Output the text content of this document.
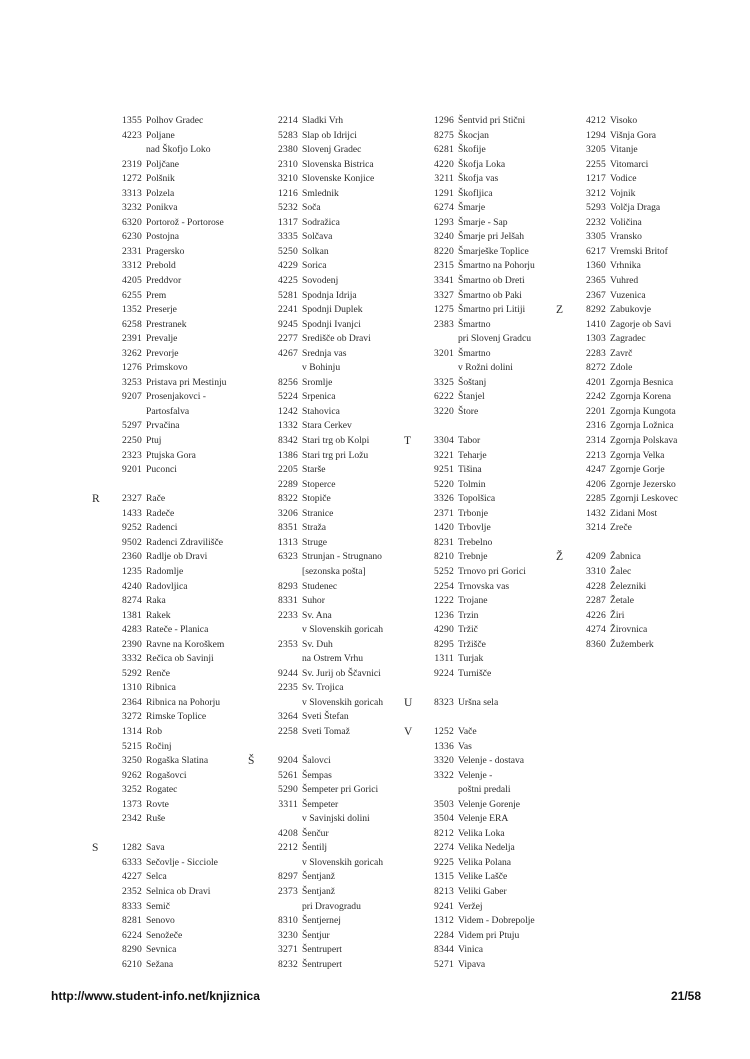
1355 Polhov Gradec
4223 Poljane
nad Škofjo Loko
2319 Poljčane
1272 Polšnik
3313 Polzela
3232 Ponikva
6320 Portorož - Portorose
6230 Postojna
2331 Pragersko
3312 Prebold
4205 Preddvor
6255 Prem
1352 Preserje
6258 Prestranek
2391 Prevalje
3262 Prevorje
1276 Primskovo
3253 Pristava pri Mestinju
9207 Prosenjakovci -
Partosfalva
5297 Prvačina
2250 Ptuj
2323 Ptujska Gora
9201 Puconci
R	2327 Rače
1433 Radeče
9252 Radenci
9502 Radenci Zdravilišče
2360 Radlje ob Dravi
1235 Radomlje
4240 Radovljica
8274 Raka
1381 Rakek
4283 Rateče - Planica
2390 Ravne na Koroškem
3332 Rečica ob Savinji
5292 Renče
1310 Ribnica
2364 Ribnica na Pohorju
3272 Rimske Toplice
1314 Rob
5215 Ročinj
3250 Rogaška Slatina
9262 Rogašovci
3252 Rogatec
1373 Rovte
2342 Ruše
S	1282 Sava
6333 Sečovlje - Sicciole
4227 Selca
2352 Selnica ob Dravi
8333 Semič
8281 Senovo
6224 Senožeče
8290 Sevnica
6210 Sežana
2214 Sladki Vrh
5283 Slap ob Idrijci
2380 Slovenj Gradec
2310 Slovenska Bistrica
3210 Slovenske Konjice
1216 Smlednik
5232 Soča
1317 Sodražica
3335 Solčava
5250 Solkan
4229 Sorica
4225 Sovodenj
5281 Spodnja Idrija
2241 Spodnji Duplek
9245 Spodnji Ivanjci
2277 Središče ob Dravi
4267 Srednja vas
v Bohinju
8256 Sromlje
5224 Srpenica
1242 Stahovica
1332 Stara Cerkev
8342 Stari trg ob Kolpi
1386 Stari trg pri Ložu
2205 Starše
2289 Stoperce
8322 Stopiče
3206 Stranice
8351 Straža
1313 Struge
6323 Strunjan - Strugnano
[sezonska pošta]
8293 Studenec
8331 Suhor
2233 Sv. Ana
v Slovenskih goricah
2353 Sv. Duh
na Ostrem Vrhu
9244 Sv. Jurij ob Ščavnici
2235 Sv. Trojica
v Slovenskih goricah
3264 Sveti Štefan
2258 Sveti Tomaž
Š	9204 Šalovci
5261 Šempas
5290 Šempeter pri Gorici
3311 Šempeter
v Savinjski dolini
4208 Šenčur
2212 Šentilj
v Slovenskih goricah
8297 Šentjanž
2373 Šentjanž
pri Dravogradu
8310 Šentjernej
3230 Šentjur
3271 Šentrupert
8232 Šentrupert
1296 Šentvid pri Stični
8275 Škocjan
6281 Škofije
4220 Škofja Loka
3211 Škofja vas
1291 Škofljica
6274 Šmarje
1293 Šmarje - Sap
3240 Šmarje pri Jelšah
8220 Šmarješke Toplice
2315 Šmartno na Pohorju
3341 Šmartno ob Dreti
3327 Šmartno ob Paki
1275 Šmartno pri Litiji
2383 Šmartno
pri Slovenj Gradcu
3201 Šmartno
v Rožni dolini
3325 Šoštanj
6222 Štanjel
3220 Štore
T	3304 Tabor
3221 Teharje
9251 Tišina
5220 Tolmin
3326 Topolšica
2371 Trbonje
1420 Trbovlje
8231 Trebelno
8210 Trebnje
5252 Trnovo pri Gorici
2254 Trnovska vas
1222 Trojane
1236 Trzin
4290 Tržič
8295 Tržišče
1311 Turjak
9224 Turnišče
U	8323 Uršna sela
V	1252 Vače
1336 Vas
3320 Velenje - dostava
3322 Velenje -
poštni predali
3503 Velenje Gorenje
3504 Velenje ERA
8212 Velika Loka
2274 Velika Nedelja
9225 Velika Polana
1315 Velike Lašče
8213 Veliki Gaber
9241 Veržej
1312 Videm - Dobrepolje
2284 Videm pri Ptuju
8344 Vinica
5271 Vipava
4212 Visoko
1294 Višnja Gora
3205 Vitanje
2255 Vitomarci
1217 Vodice
3212 Vojnik
5293 Volčja Draga
2232 Voličina
3305 Vransko
6217 Vremski Britof
1360 Vrhnika
2365 Vuhred
2367 Vuzenica
Z	8292 Zabukovje
1410 Zagorje ob Savi
1303 Zagradec
2283 Zavrč
8272 Zdole
4201 Zgornja Besnica
2242 Zgornja Korena
2201 Zgornja Kungota
2316 Zgornja Ložnica
2314 Zgornja Polskava
2213 Zgornja Velka
4247 Zgornje Gorje
4206 Zgornje Jezersko
2285 Zgornji Leskovec
1432 Zidani Most
3214 Zreče
Ž	4209 Žabnica
3310 Žalec
4228 Železniki
2287 Žetale
4226 Žiri
4274 Žirovnica
8360 Žužemberk
http://www.student-info.net/knjiznica	21/58
